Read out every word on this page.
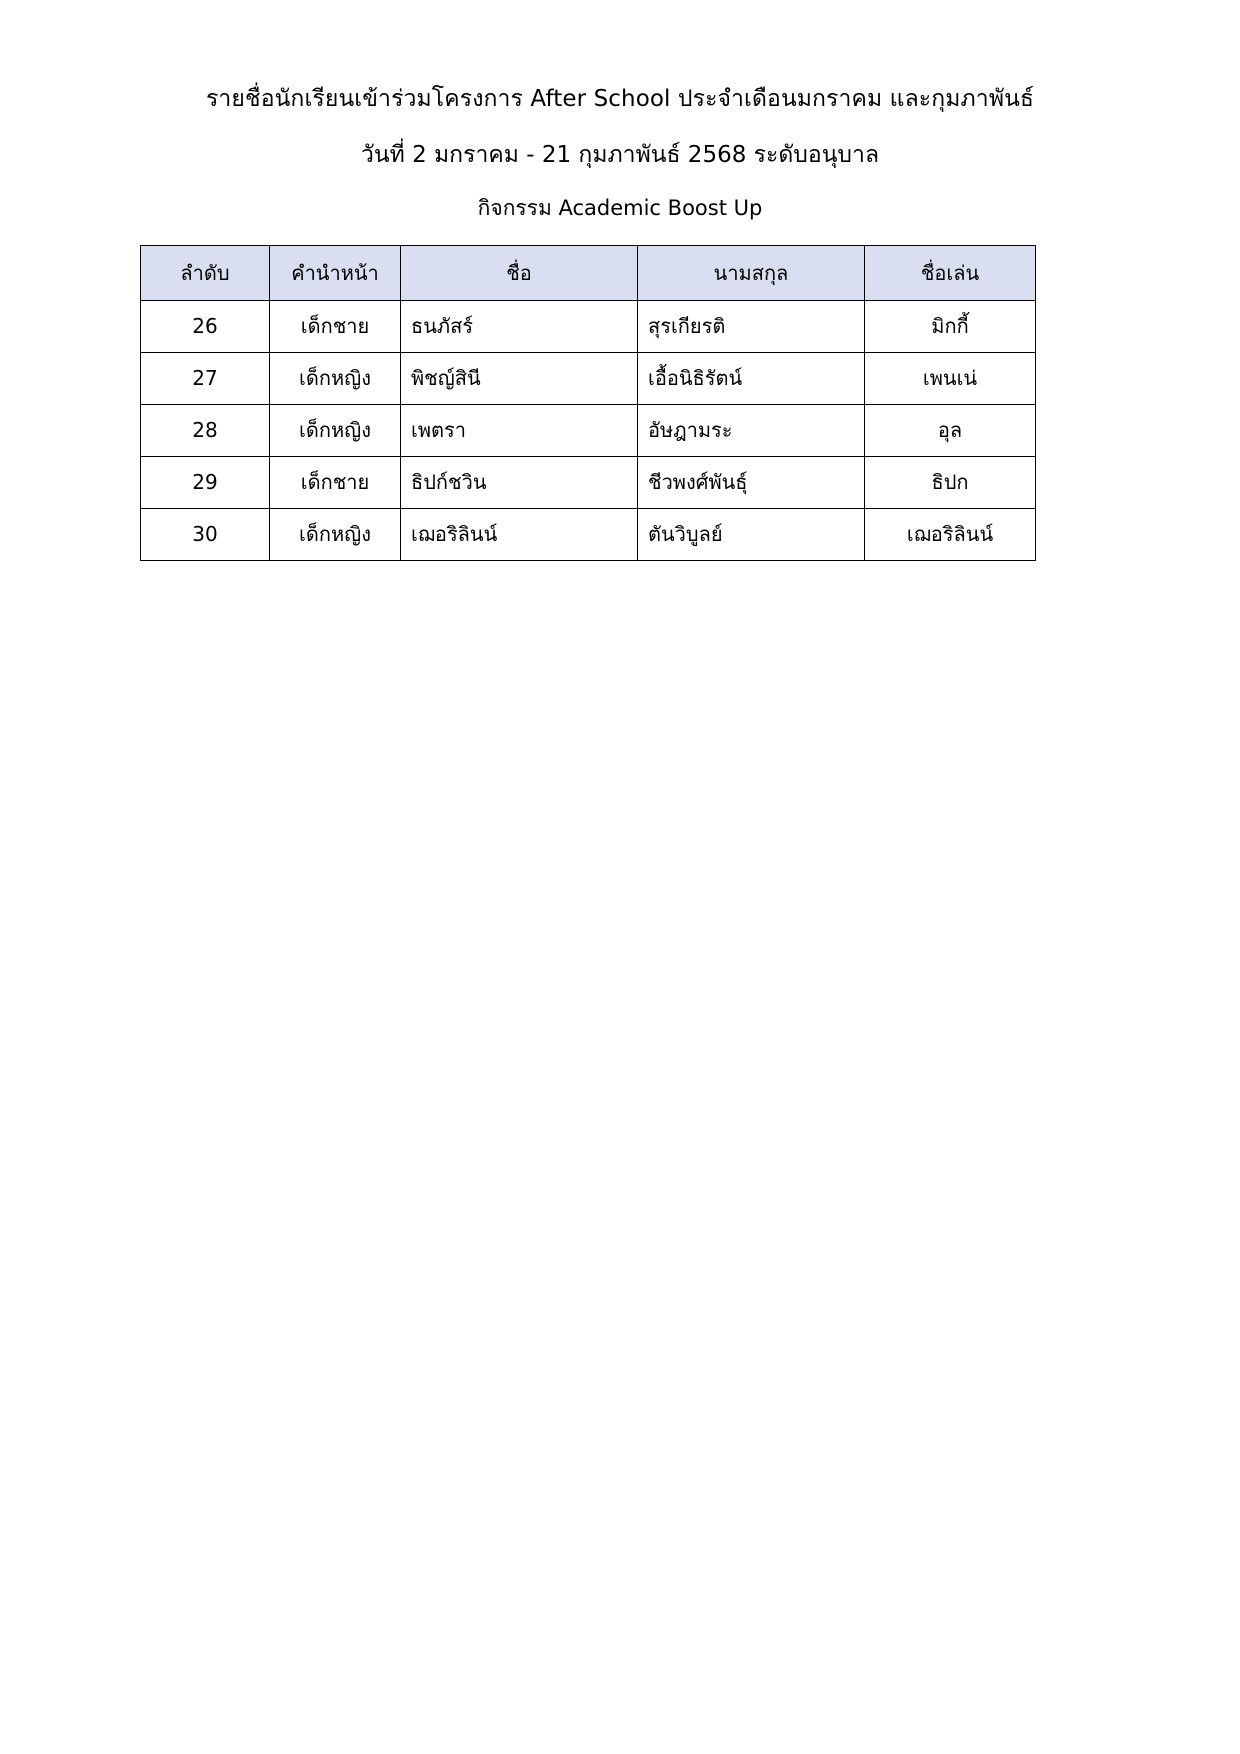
รายชื่อนักเรียนเข้าร่วมโครงการ After School ประจำเดือนมกราคม และกุมภาพันธ์
วันที่ 2 มกราคม - 21 กุมภาพันธ์ 2568 ระดับอนุบาล
กิจกรรม Academic Boost Up
ลำดับ	คำนำหน้า	ชื่อ	นามสกุล	ชื่อเล่น
26	เด็กชาย	ธนภัสร์	สุรเกียรติ	มิกกี้
27	เด็กหญิง	พิชญ์สินี	เอื้อนิธิรัตน์	เพนเน่
28	เด็กหญิง	เพตรา	อัษฎามระ	อุล
29	เด็กชาย	ธิปก์ชวิน	ชีวพงศ์พันธุ์	ธิปก
30	เด็กหญิง	เฌอริลินน์	ตันวิบูลย์	เฌอริลินน์
